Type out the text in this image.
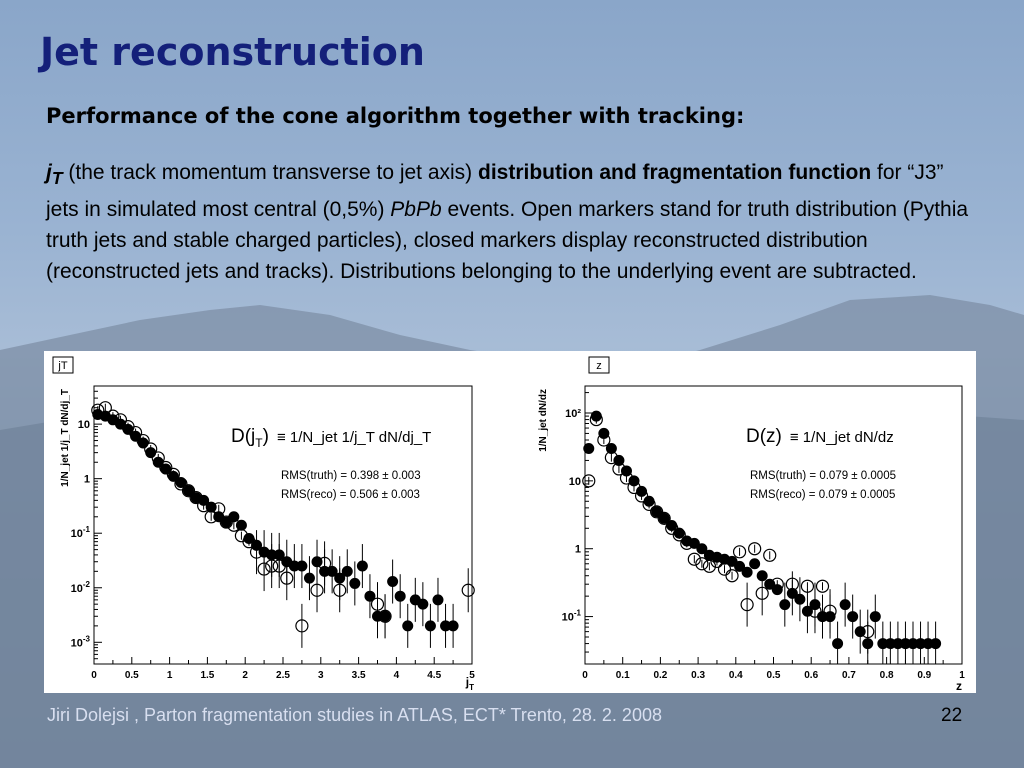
Jet reconstruction
Performance of the cone algorithm together with tracking:

$j_T$ (the track momentum transverse to jet axis) distribution and fragmentation function for “J3” jets in simulated most central (0,5%) PbPb events. Open markers stand for truth distribution (Pythia truth jets and stable charged particles), closed markers display reconstructed distribution (reconstructed jets and tracks). Distributions belonging to the underlying event are subtracted.

jT
0	0.5	1	1.5	2	2.5	3	3.5	4	4.5	5
10
1
$10^{-1}$
$10^{-2}$
$10^{-3}$
$j_T$
1/N_jet 1/j_T dN/dj_T	$D(j_T)$ ≡ 1/N_jet 1/j_T dN/dj_T
RMS(truth) = 0.398 ± 0.003
RMS(reco) = 0.506 ± 0.003
z
0	0.1 0.2 0.3 0.4 0.5 0.6 0.7 0.8 0.9	1
10²
10
1
$10^{-1}$
z
1/N_jet dN/dz	D(z) ≡ 1/N_jet dN/dz
RMS(truth) = 0.079 ± 0.0005
RMS(reco) = 0.079 ± 0.0005
Jiri Dolejsi , Parton fragmentation studies in ATLAS, ECT* Trento, 28. 2. 2008	22
